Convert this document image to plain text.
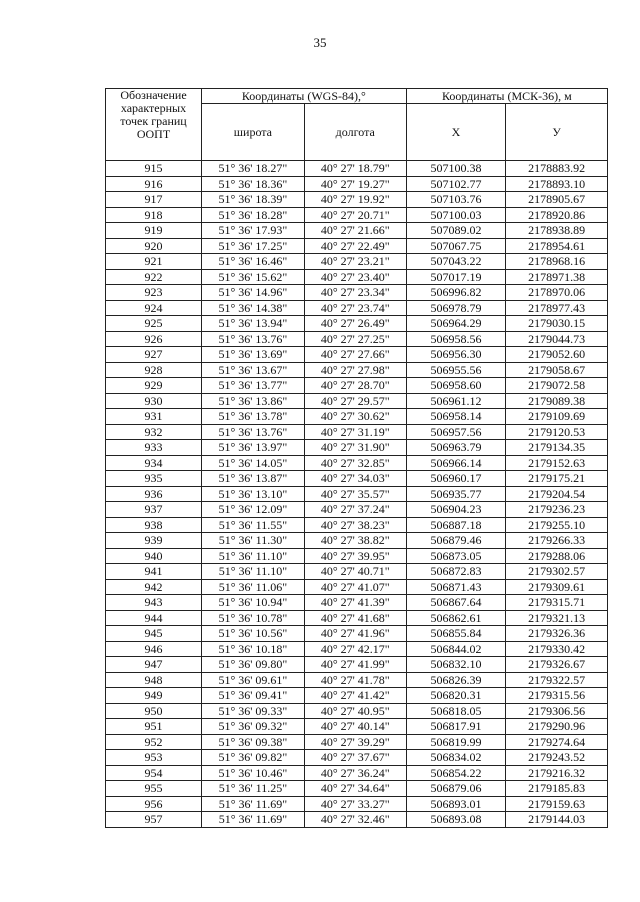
35
Обозначение характерных точек границ ООПТ	Координаты (WGS-84),°		Координаты (МСК-36), м	
	широта	долгота	X	У
915	51° 36' 18.27"	40° 27' 18.79"	507100.38	2178883.92
916	51° 36' 18.36"	40° 27' 19.27"	507102.77	2178893.10
917	51° 36' 18.39"	40° 27' 19.92"	507103.76	2178905.67
918	51° 36' 18.28"	40° 27' 20.71"	507100.03	2178920.86
919	51° 36' 17.93"	40° 27' 21.66"	507089.02	2178938.89
920	51° 36' 17.25"	40° 27' 22.49"	507067.75	2178954.61
921	51° 36' 16.46"	40° 27' 23.21"	507043.22	2178968.16
922	51° 36' 15.62"	40° 27' 23.40"	507017.19	2178971.38
923	51° 36' 14.96"	40° 27' 23.34"	506996.82	2178970.06
924	51° 36' 14.38"	40° 27' 23.74"	506978.79	2178977.43
925	51° 36' 13.94"	40° 27' 26.49"	506964.29	2179030.15
926	51° 36' 13.76"	40° 27' 27.25"	506958.56	2179044.73
927	51° 36' 13.69"	40° 27' 27.66"	506956.30	2179052.60
928	51° 36' 13.67"	40° 27' 27.98"	506955.56	2179058.67
929	51° 36' 13.77"	40° 27' 28.70"	506958.60	2179072.58
930	51° 36' 13.86"	40° 27' 29.57"	506961.12	2179089.38
931	51° 36' 13.78"	40° 27' 30.62"	506958.14	2179109.69
932	51° 36' 13.76"	40° 27' 31.19"	506957.56	2179120.53
933	51° 36' 13.97"	40° 27' 31.90"	506963.79	2179134.35
934	51° 36' 14.05"	40° 27' 32.85"	506966.14	2179152.63
935	51° 36' 13.87"	40° 27' 34.03"	506960.17	2179175.21
936	51° 36' 13.10"	40° 27' 35.57"	506935.77	2179204.54
937	51° 36' 12.09"	40° 27' 37.24"	506904.23	2179236.23
938	51° 36' 11.55"	40° 27' 38.23"	506887.18	2179255.10
939	51° 36' 11.30"	40° 27' 38.82"	506879.46	2179266.33
940	51° 36' 11.10"	40° 27' 39.95"	506873.05	2179288.06
941	51° 36' 11.10"	40° 27' 40.71"	506872.83	2179302.57
942	51° 36' 11.06"	40° 27' 41.07"	506871.43	2179309.61
943	51° 36' 10.94"	40° 27' 41.39"	506867.64	2179315.71
944	51° 36' 10.78"	40° 27' 41.68"	506862.61	2179321.13
945	51° 36' 10.56"	40° 27' 41.96"	506855.84	2179326.36
946	51° 36' 10.18"	40° 27' 42.17"	506844.02	2179330.42
947	51° 36' 09.80"	40° 27' 41.99"	506832.10	2179326.67
948	51° 36' 09.61"	40° 27' 41.78"	506826.39	2179322.57
949	51° 36' 09.41"	40° 27' 41.42"	506820.31	2179315.56
950	51° 36' 09.33"	40° 27' 40.95"	506818.05	2179306.56
951	51° 36' 09.32"	40° 27' 40.14"	506817.91	2179290.96
952	51° 36' 09.38"	40° 27' 39.29"	506819.99	2179274.64
953	51° 36' 09.82"	40° 27' 37.67"	506834.02	2179243.52
954	51° 36' 10.46"	40° 27' 36.24"	506854.22	2179216.32
955	51° 36' 11.25"	40° 27' 34.64"	506879.06	2179185.83
956	51° 36' 11.69"	40° 27' 33.27"	506893.01	2179159.63
957	51° 36' 11.69"	40° 27' 32.46"	506893.08	2179144.03
